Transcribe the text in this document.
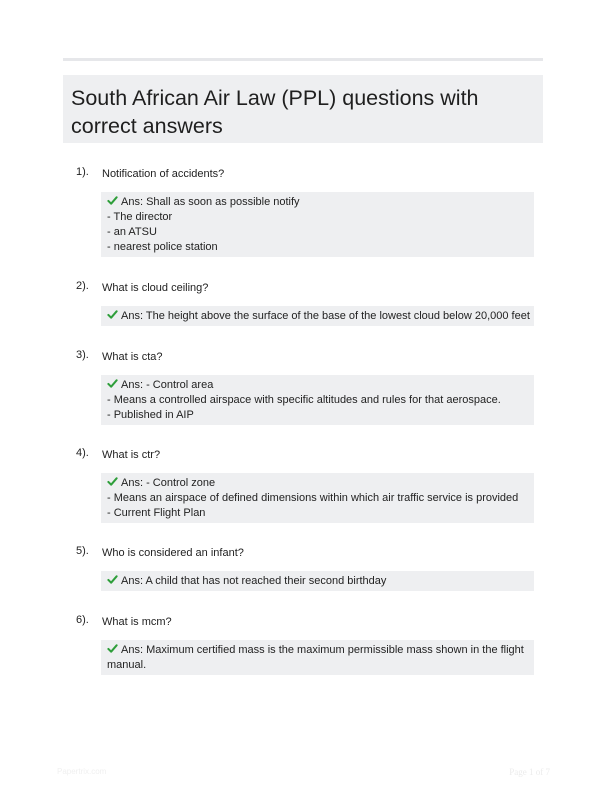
South African Air Law (PPL) questions with
correct answers
1). Notification of accidents?
Ans: Shall as soon as possible notify
- The director
- an ATSU
- nearest police station
2). What is cloud ceiling?
Ans: The height above the surface of the base of the lowest cloud below 20,000 feet
3). What is cta?
Ans: - Control area
- Means a controlled airspace with specific altitudes and rules for that aerospace.
- Published in AIP
4). What is ctr?
Ans: - Control zone
- Means an airspace of defined dimensions within which air traffic service is provided
- Current Flight Plan
5). Who is considered an infant?
Ans: A child that has not reached their second birthday
6). What is mcm?
Ans: Maximum certified mass is the maximum permissible mass shown in the flight
manual.
Papertrix.com	Page 1 of 7
